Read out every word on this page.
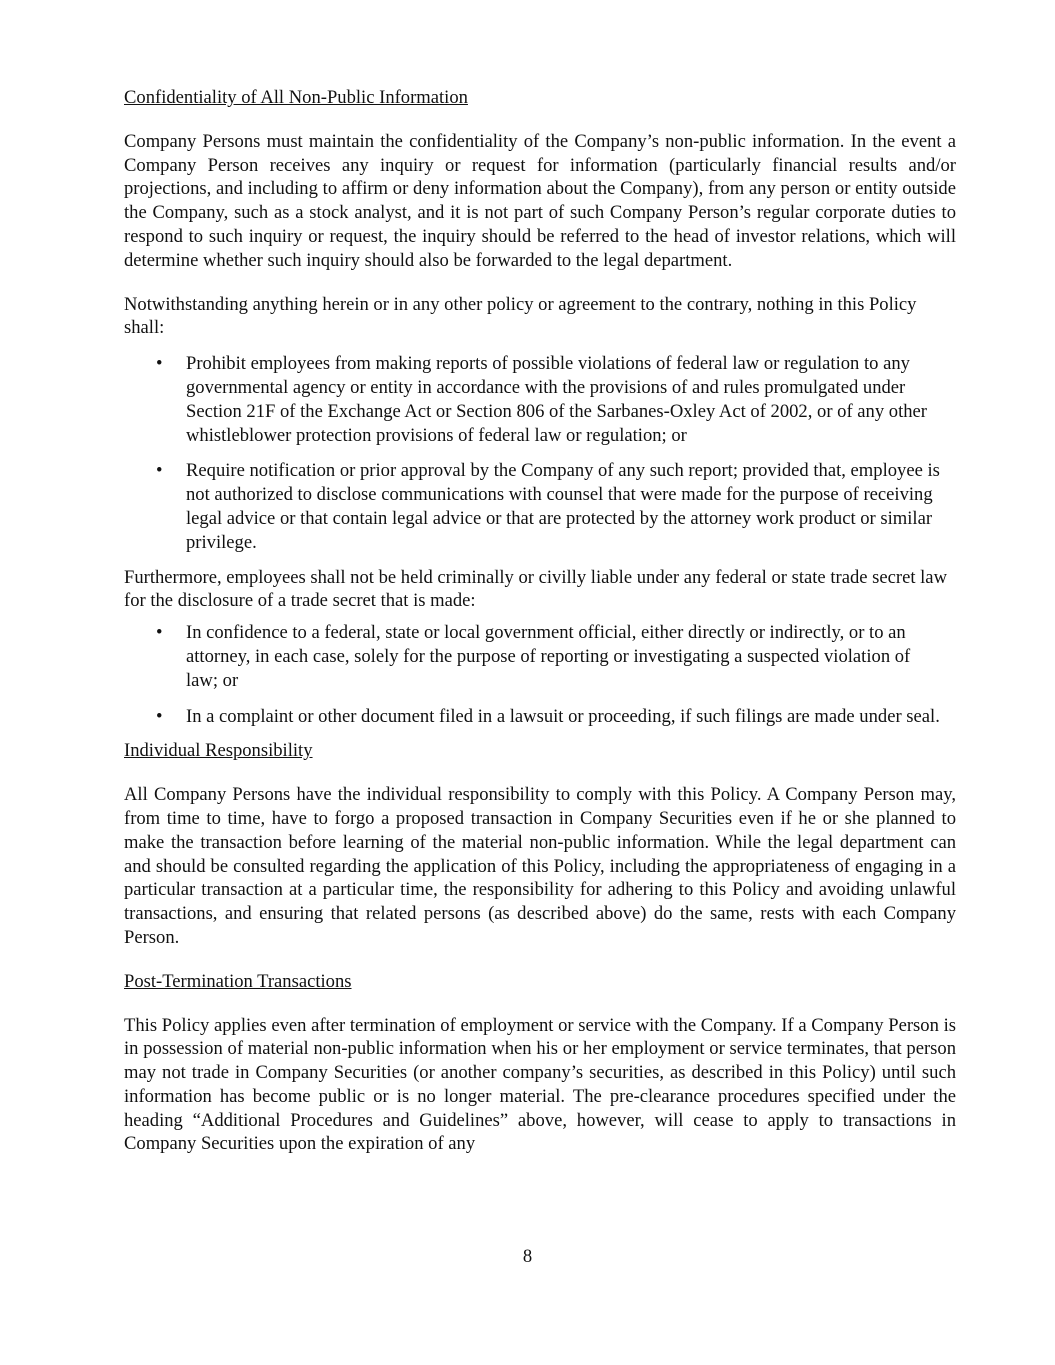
Confidentiality of All Non-Public Information

Company Persons must maintain the confidentiality of the Company’s non-public information. In the event a Company Person receives any inquiry or request for information (particularly financial results and/or projections, and including to affirm or deny information about the Company), from any person or entity outside the Company, such as a stock analyst, and it is not part of such Company Person’s regular corporate duties to respond to such inquiry or request, the inquiry should be referred to the head of investor relations, which will determine whether such inquiry should also be forwarded to the legal department.

Notwithstanding anything herein or in any other policy or agreement to the contrary, nothing in this Policy shall:

• Prohibit employees from making reports of possible violations of federal law or regulation to any governmental agency or entity in accordance with the provisions of and rules promulgated under Section 21F of the Exchange Act or Section 806 of the Sarbanes-Oxley Act of 2002, or of any other whistleblower protection provisions of federal law or regulation; or
• Require notification or prior approval by the Company of any such report; provided that, employee is not authorized to disclose communications with counsel that were made for the purpose of receiving legal advice or that contain legal advice or that are protected by the attorney work product or similar privilege.

Furthermore, employees shall not be held criminally or civilly liable under any federal or state trade secret law for the disclosure of a trade secret that is made:

• In confidence to a federal, state or local government official, either directly or indirectly, or to an attorney, in each case, solely for the purpose of reporting or investigating a suspected violation of law; or
• In a complaint or other document filed in a lawsuit or proceeding, if such filings are made under seal.

Individual Responsibility

All Company Persons have the individual responsibility to comply with this Policy. A Company Person may, from time to time, have to forgo a proposed transaction in Company Securities even if he or she planned to make the transaction before learning of the material non-public information. While the legal department can and should be consulted regarding the application of this Policy, including the appropriateness of engaging in a particular transaction at a particular time, the responsibility for adhering to this Policy and avoiding unlawful transactions, and ensuring that related persons (as described above) do the same, rests with each Company Person.

Post-Termination Transactions

This Policy applies even after termination of employment or service with the Company. If a Company Person is in possession of material non-public information when his or her employment or service terminates, that person may not trade in Company Securities (or another company’s securities, as described in this Policy) until such information has become public or is no longer material. The pre-clearance procedures specified under the heading “Additional Procedures and Guidelines” above, however, will cease to apply to transactions in Company Securities upon the expiration of any

8
